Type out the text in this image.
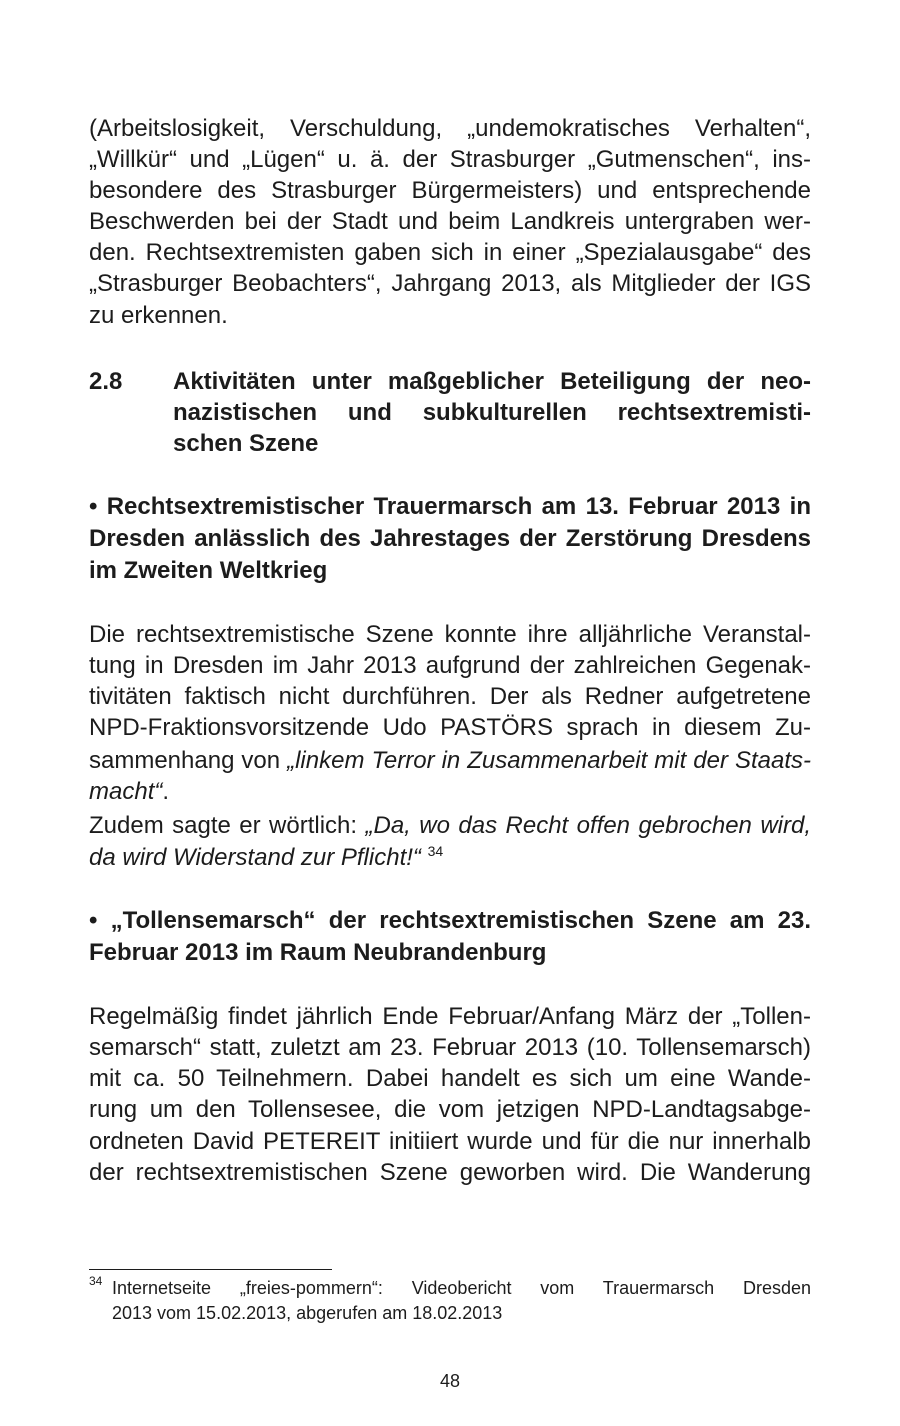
(Arbeitslosigkeit, Verschuldung, „undemokratisches Verhalten“,
„Willkür“ und „Lügen“ u. ä. der Strasburger „Gutmenschen“, ins-
besondere des Strasburger Bürgermeisters) und entsprechende
Beschwerden bei der Stadt und beim Landkreis untergraben wer-
den. Rechtsextremisten gaben sich in einer „Spezialausgabe“ des
„Strasburger Beobachters“, Jahrgang 2013, als Mitglieder der IGS
zu erkennen.
2.8 Aktivitäten unter maßgeblicher Beteiligung der neo-
nazistischen und subkulturellen rechtsextremisti-
schen Szene
• Rechtsextremistischer Trauermarsch am 13. Februar 2013 in
Dresden anlässlich des Jahrestages der Zerstörung Dresdens
im Zweiten Weltkrieg
Die rechtsextremistische Szene konnte ihre alljährliche Veranstal-
tung in Dresden im Jahr 2013 aufgrund der zahlreichen Gegenak-
tivitäten faktisch nicht durchführen. Der als Redner aufgetretene
NPD-Fraktionsvorsitzende Udo PASTÖRS sprach in diesem Zu-
sammenhang von „linkem Terror in Zusammenarbeit mit der Staats-
macht“.
Zudem sagte er wörtlich: „Da, wo das Recht offen gebrochen wird,
da wird Widerstand zur Pflicht!“ $^{34}$
• „Tollensemarsch“ der rechtsextremistischen Szene am 23.
Februar 2013 im Raum Neubrandenburg
Regelmäßig findet jährlich Ende Februar/Anfang März der „Tollen-
semarsch“ statt, zuletzt am 23. Februar 2013 (10. Tollensemarsch)
mit ca. 50 Teilnehmern. Dabei handelt es sich um eine Wande-
rung um den Tollensesee, die vom jetzigen NPD-Landtagsabge-
ordneten David PETEREIT initiiert wurde und für die nur innerhalb
der rechtsextremistischen Szene geworben wird. Die Wanderung
34 Internetseite „freies-pommern“: Videobericht vom Trauermarsch Dresden
2013 vom 15.02.2013, abgerufen am 18.02.2013
48
